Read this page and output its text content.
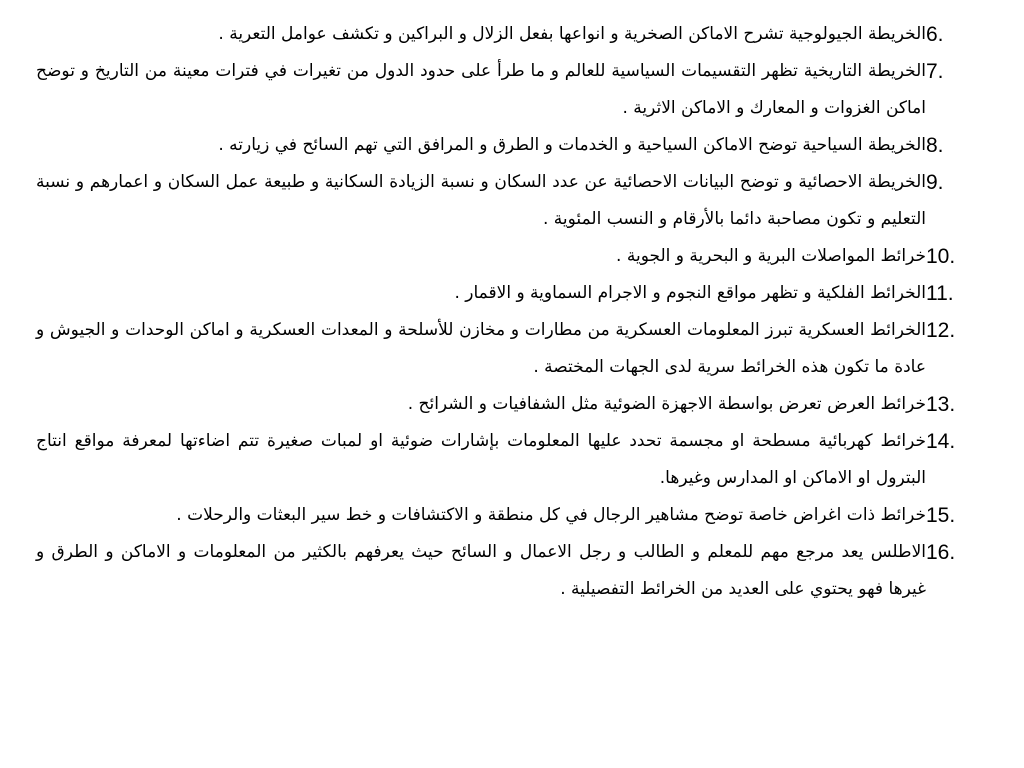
6.
الخريطة الجيولوجية تشرح الاماكن الصخرية و انواعها بفعل الزلال و البراكين و تكشف عوامل التعرية .
7.
الخريطة التاريخية تظهر التقسيمات السياسية للعالم و ما طرأ على حدود الدول من تغيرات في فترات معينة من التاريخ و توضح اماكن الغزوات و المعارك و الاماكن الاثرية .
8.
الخريطة السياحية توضح الاماكن السياحية و الخدمات و الطرق و المرافق التي تهم السائح في زيارته .
9.
الخريطة الاحصائية و توضح البيانات الاحصائية عن عدد السكان و نسبة الزيادة السكانية و طبيعة عمل السكان و اعمارهم و نسبة التعليم و تكون مصاحبة دائما بالأرقام و النسب المئوية .
10.
خرائط المواصلات البرية و البحرية و الجوية .
11.
الخرائط الفلكية و تظهر مواقع النجوم و الاجرام السماوية و الاقمار .
12.
الخرائط العسكرية تبرز المعلومات العسكرية من مطارات و مخازن للأسلحة و المعدات العسكرية و اماكن الوحدات و الجيوش و عادة ما تكون هذه الخرائط سرية لدى الجهات المختصة .
13.
خرائط العرض تعرض بواسطة الاجهزة الضوئية مثل الشفافيات و الشرائح .
14.
خرائط كهربائية مسطحة او مجسمة تحدد عليها المعلومات بإشارات ضوئية او لمبات صغيرة تتم اضاءتها لمعرفة مواقع انتاج البترول او الاماكن او المدارس وغيرها.
15.
خرائط ذات اغراض خاصة توضح مشاهير الرجال في كل منطقة و الاكتشافات و خط سير البعثات والرحلات .
16.
الاطلس يعد مرجع مهم للمعلم و الطالب و رجل الاعمال و السائح حيث يعرفهم بالكثير من المعلومات و الاماكن و الطرق و غيرها فهو يحتوي على العديد من الخرائط التفصيلية .
